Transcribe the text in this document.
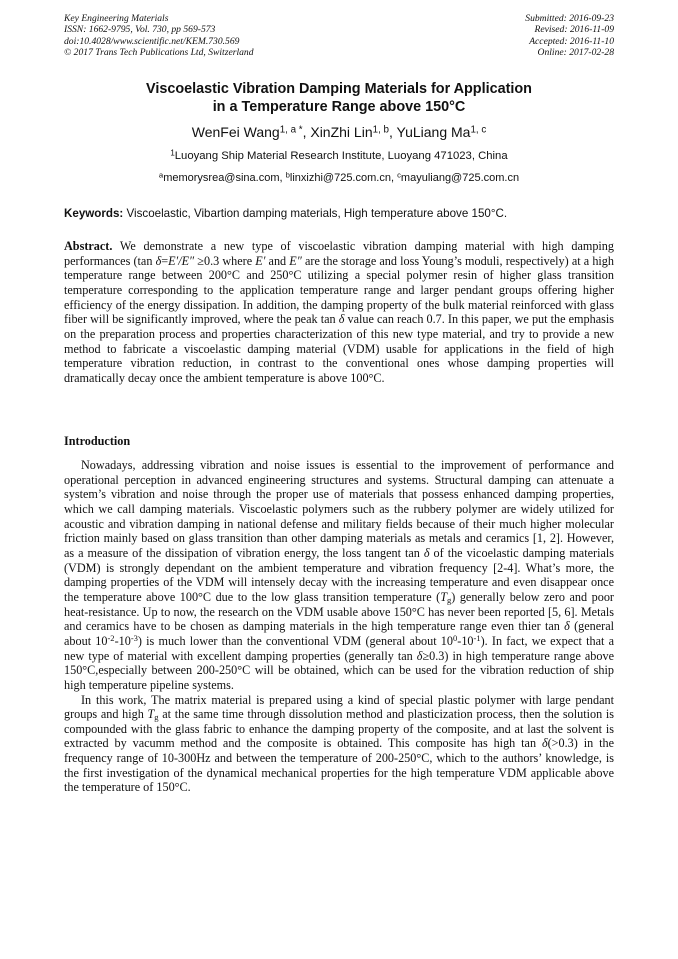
Key Engineering Materials
ISSN: 1662-9795, Vol. 730, pp 569-573
doi:10.4028/www.scientific.net/KEM.730.569
© 2017 Trans Tech Publications Ltd, Switzerland
Submitted: 2016-09-23
Revised: 2016-11-09
Accepted: 2016-11-10
Online: 2017-02-28
Viscoelastic Vibration Damping Materials for Application
in a Temperature Range above 150°C
WenFei Wang$^{1, a *}$, XinZhi Lin$^{1, b}$, YuLiang Ma$^{1, c}$
$^1$Luoyang Ship Material Research Institute, Luoyang 471023, China
$^a$memorysrea@sina.com, $^b$linxizhi@725.com.cn, $^c$mayuliang@725.com.cn
Keywords: Viscoelastic, Vibartion damping materials, High temperature above 150°C.
Abstract. We demonstrate a new type of viscoelastic vibration damping material with high damping performances (tan δ=E′/E″ ≥0.3 where E′ and E″ are the storage and loss Young’s moduli, respectively) at a high temperature range between 200°C and 250°C utilizing a special polymer resin of higher glass transition temperature corresponding to the application temperature range and larger pendant groups offering higher efficiency of the energy dissipation. In addition, the damping property of the bulk material reinforced with glass fiber will be significantly improved, where the peak tan δ value can reach 0.7. In this paper, we put the emphasis on the preparation process and properties characterization of this new type material, and try to provide a new method to fabricate a viscoelastic damping material (VDM) usable for applications in the field of high temperature vibration reduction, in contrast to the conventional ones whose damping properties will dramatically decay once the ambient temperature is above 100°C.
Introduction

Nowadays, addressing vibration and noise issues is essential to the improvement of performance and operational perception in advanced engineering structures and systems. Structural damping can attenuate a system’s vibration and noise through the proper use of materials that possess enhanced damping properties, which we call damping materials. Viscoelastic polymers such as the rubbery polymer are widely utilized for acoustic and vibration damping in national defense and military fields because of their much higher molecular friction mainly based on glass transition than other damping materials as metals and ceramics [1, 2]. However, as a measure of the dissipation of vibration energy, the loss tangent tan δ of the vicoelastic damping materials (VDM) is strongly dependant on the ambient temperature and vibration frequency [2-4]. What’s more, the damping properties of the VDM will intensely decay with the increasing temperature and even disappear once the temperature above 100°C due to the low glass transition temperature $(T_g)$ generally below zero and poor heat-resistance. Up to now, the research on the VDM usable above 150°C has never been reported [5, 6]. Metals and ceramics have to be chosen as damping materials in the high temperature range even thier tan δ (general about $10^{-2}-10^{-3}$) is much lower than the conventional VDM (general about $10^0-10^{-1}$). In fact, we expect that a new type of material with excellent damping properties (generally tan δ≥0.3) in high temperature range above 150°C,especially between 200-250°C will be obtained, which can be used for the vibration reduction of ship high temperature pipeline systems.

In this work, The matrix material is prepared using a kind of special plastic polymer with large pendant groups and high $T_g$ at the same time through dissolution method and plasticization process, then the solution is compounded with the glass fabric to enhance the damping property of the composite, and at last the solvent is extracted by vacumm method and the composite is obtained. This composite has high tan δ(>0.3) in the frequency range of 10-300Hz and between the temperature of 200-250°C, which to the authors’ knowledge, is the first investigation of the dynamical mechanical properties for the high temperature VDM applicable above the temperature of 150°C.
